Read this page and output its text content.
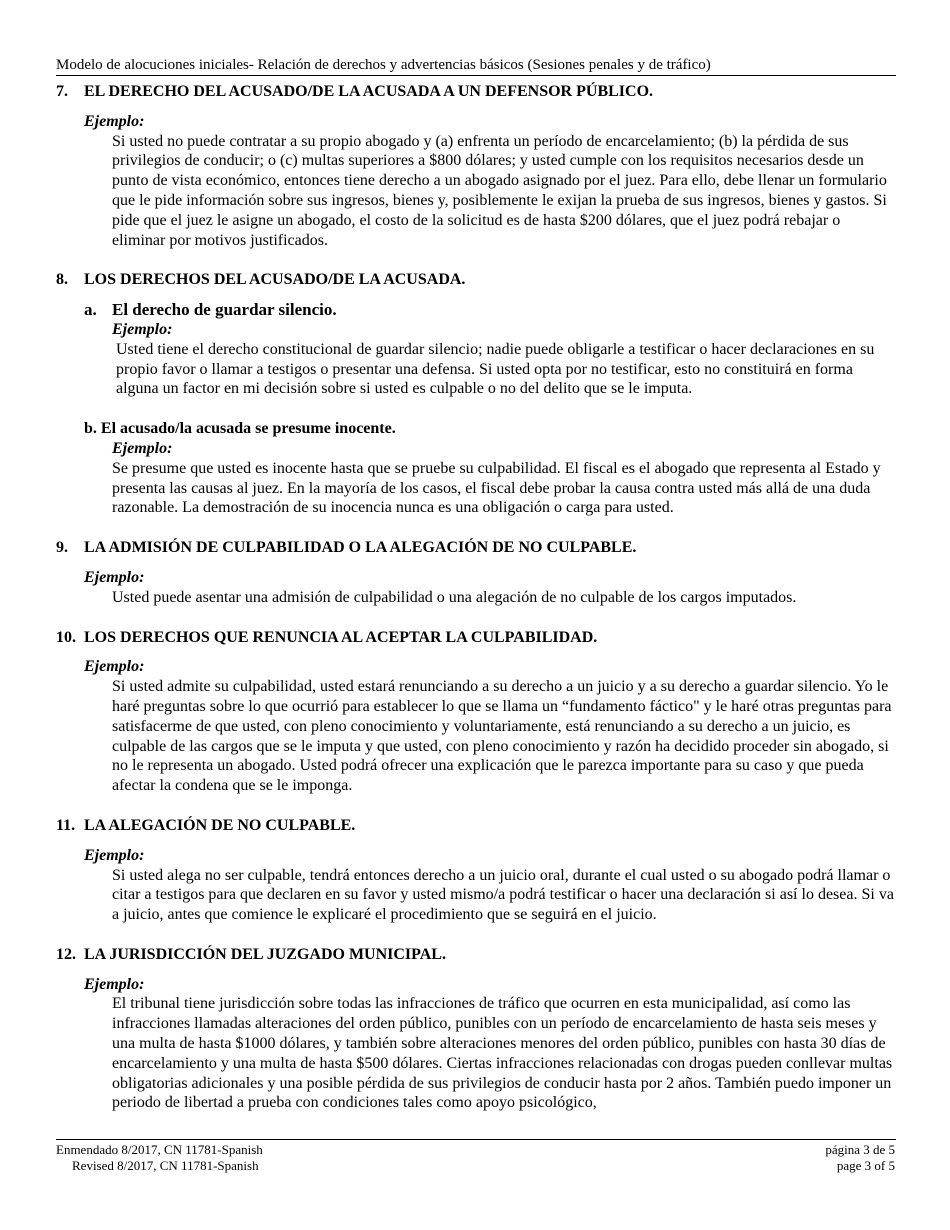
Modelo de alocuciones iniciales- Relación de derechos y advertencias básicos (Sesiones penales y de tráfico)
7.	EL DERECHO DEL ACUSADO/DE LA ACUSADA A UN DEFENSOR PÚBLICO.

Ejemplo:

Si usted no puede contratar a su propio abogado y (a) enfrenta un período de encarcelamiento; (b) la pérdida de sus privilegios de conducir; o (c) multas superiores a $800 dólares; y usted cumple con los requisitos necesarios desde un punto de vista económico, entonces tiene derecho a un abogado asignado por el juez. Para ello, debe llenar un formulario que le pide información sobre sus ingresos, bienes y, posiblemente le exijan la prueba de sus ingresos, bienes y gastos. Si pide que el juez le asigne un abogado, el costo de la solicitud es de hasta $200 dólares, que el juez podrá rebajar o eliminar por motivos justificados.

8.	LOS DERECHOS DEL ACUSADO/DE LA ACUSADA.
a. El derecho de guardar silencio.

Ejemplo:

Usted tiene el derecho constitucional de guardar silencio; nadie puede obligarle a testificar o hacer declaraciones en su propio favor o llamar a testigos o presentar una defensa. Si usted opta por no testificar, esto no constituirá en forma alguna un factor en mi decisión sobre si usted es culpable o no del delito que se le imputa.

b. El acusado/la acusada se presume inocente.

Ejemplo:

Se presume que usted es inocente hasta que se pruebe su culpabilidad. El fiscal es el abogado que representa al Estado y presenta las causas al juez. En la mayoría de los casos, el fiscal debe probar la causa contra usted más allá de una duda razonable. La demostración de su inocencia nunca es una obligación o carga para usted.

9.	LA ADMISIÓN DE CULPABILIDAD O LA ALEGACIÓN DE NO CULPABLE.

Ejemplo:

Usted puede asentar una admisión de culpabilidad o una alegación de no culpable de los cargos imputados.

10. LOS DERECHOS QUE RENUNCIA AL ACEPTAR LA CULPABILIDAD.

Ejemplo:

Si usted admite su culpabilidad, usted estará renunciando a su derecho a un juicio y a su derecho a guardar silencio. Yo le haré preguntas sobre lo que ocurrió para establecer lo que se llama un “fundamento fáctico" y le haré otras preguntas para satisfacerme de que usted, con pleno conocimiento y voluntariamente, está renunciando a su derecho a un juicio, es culpable de las cargos que se le imputa y que usted, con pleno conocimiento y razón ha decidido proceder sin abogado, si no le representa un abogado. Usted podrá ofrecer una explicación que le parezca importante para su caso y que pueda afectar la condena que se le imponga.

11. LA ALEGACIÓN DE NO CULPABLE.

Ejemplo:

Si usted alega no ser culpable, tendrá entonces derecho a un juicio oral, durante el cual usted o su abogado podrá llamar o citar a testigos para que declaren en su favor y usted mismo/a podrá testificar o hacer una declaración si así lo desea. Si va a juicio, antes que comience le explicaré el procedimiento que se seguirá en el juicio.

12. LA JURISDICCIÓN DEL JUZGADO MUNICIPAL.

Ejemplo:

El tribunal tiene jurisdicción sobre todas las infracciones de tráfico que ocurren en esta municipalidad, así como las infracciones llamadas alteraciones del orden público, punibles con un período de encarcelamiento de hasta seis meses y una multa de hasta $1000 dólares, y también sobre alteraciones menores del orden público, punibles con hasta 30 días de encarcelamiento y una multa de hasta $500 dólares. Ciertas infracciones relacionadas con drogas pueden conllevar multas obligatorias adicionales y una posible pérdida de sus privilegios de conducir hasta por 2 años. También puedo imponer un periodo de libertad a prueba con condiciones tales como apoyo psicológico,

Enmendado 8/2017, CN 11781-Spanish
Revised 8/2017, CN 11781-Spanish
página 3 de 5
page 3 of 5
